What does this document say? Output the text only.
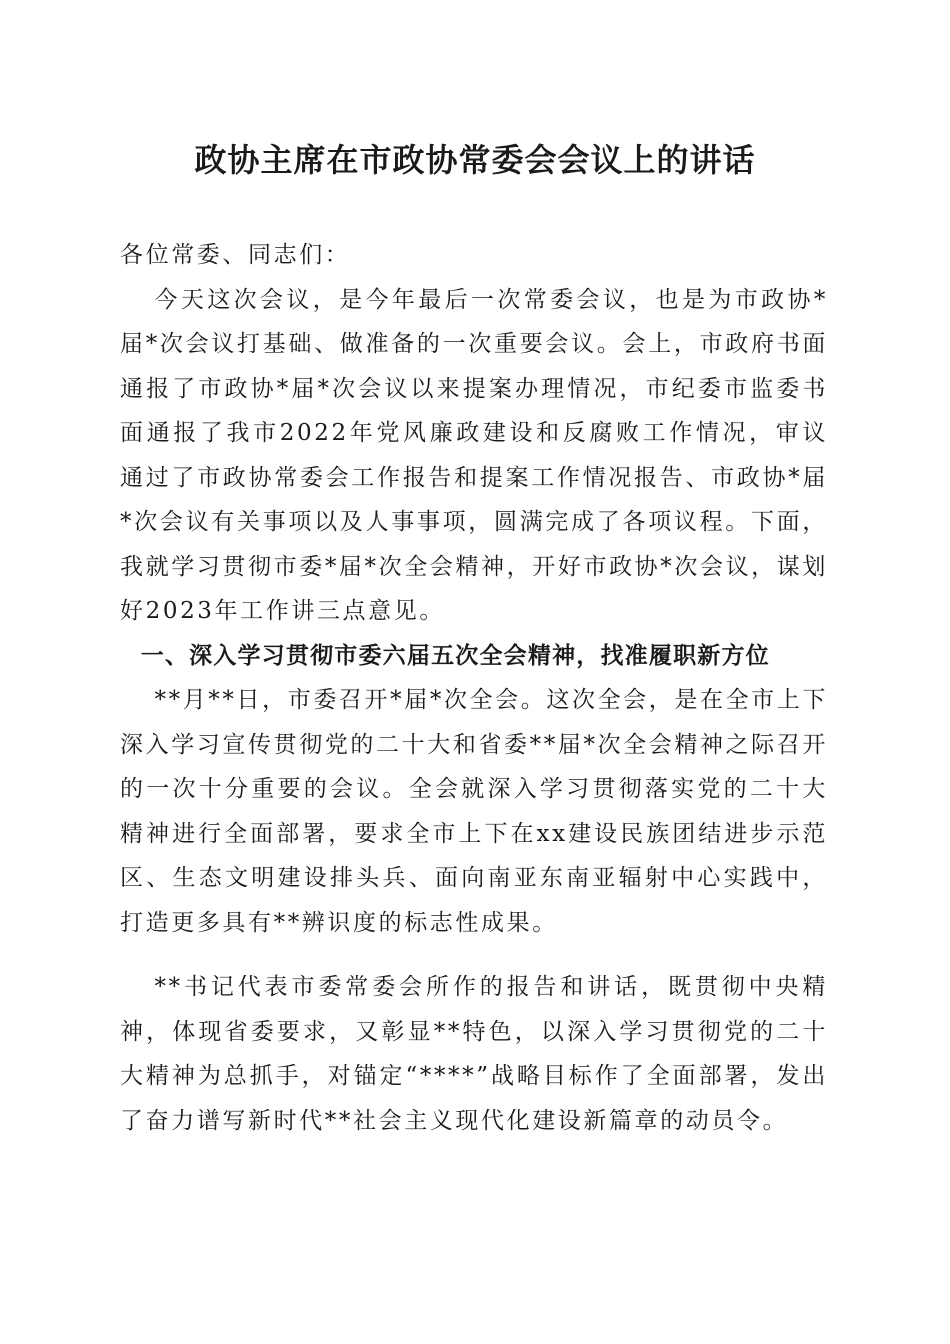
政协主席在市政协常委会会议上的讲话

各位常委、同志们：

今天这次会议，是今年最后一次常委会议，也是为市政协*届*次会议打基础、做准备的一次重要会议。会上，市政府书面通报了市政协*届*次会议以来提案办理情况，市纪委市监委书面通报了我市2022年党风廉政建设和反腐败工作情况，审议通过了市政协常委会工作报告和提案工作情况报告、市政协*届*次会议有关事项以及人事事项，圆满完成了各项议程。下面，我就学习贯彻市委*届*次全会精神，开好市政协*次会议，谋划好2023年工作讲三点意见。

一、深入学习贯彻市委六届五次全会精神，找准履职新方位

**月**日，市委召开*届*次全会。这次全会，是在全市上下深入学习宣传贯彻党的二十大和省委**届*次全会精神之际召开的一次十分重要的会议。全会就深入学习贯彻落实党的二十大精神进行全面部署，要求全市上下在xx建设民族团结进步示范区、生态文明建设排头兵、面向南亚东南亚辐射中心实践中，打造更多具有**辨识度的标志性成果。

**书记代表市委常委会所作的报告和讲话，既贯彻中央精神，体现省委要求，又彰显**特色，以深入学习贯彻党的二十大精神为总抓手，对锚定“****”战略目标作了全面部署，发出了奋力谱写新时代**社会主义现代化建设新篇章的动员令。
